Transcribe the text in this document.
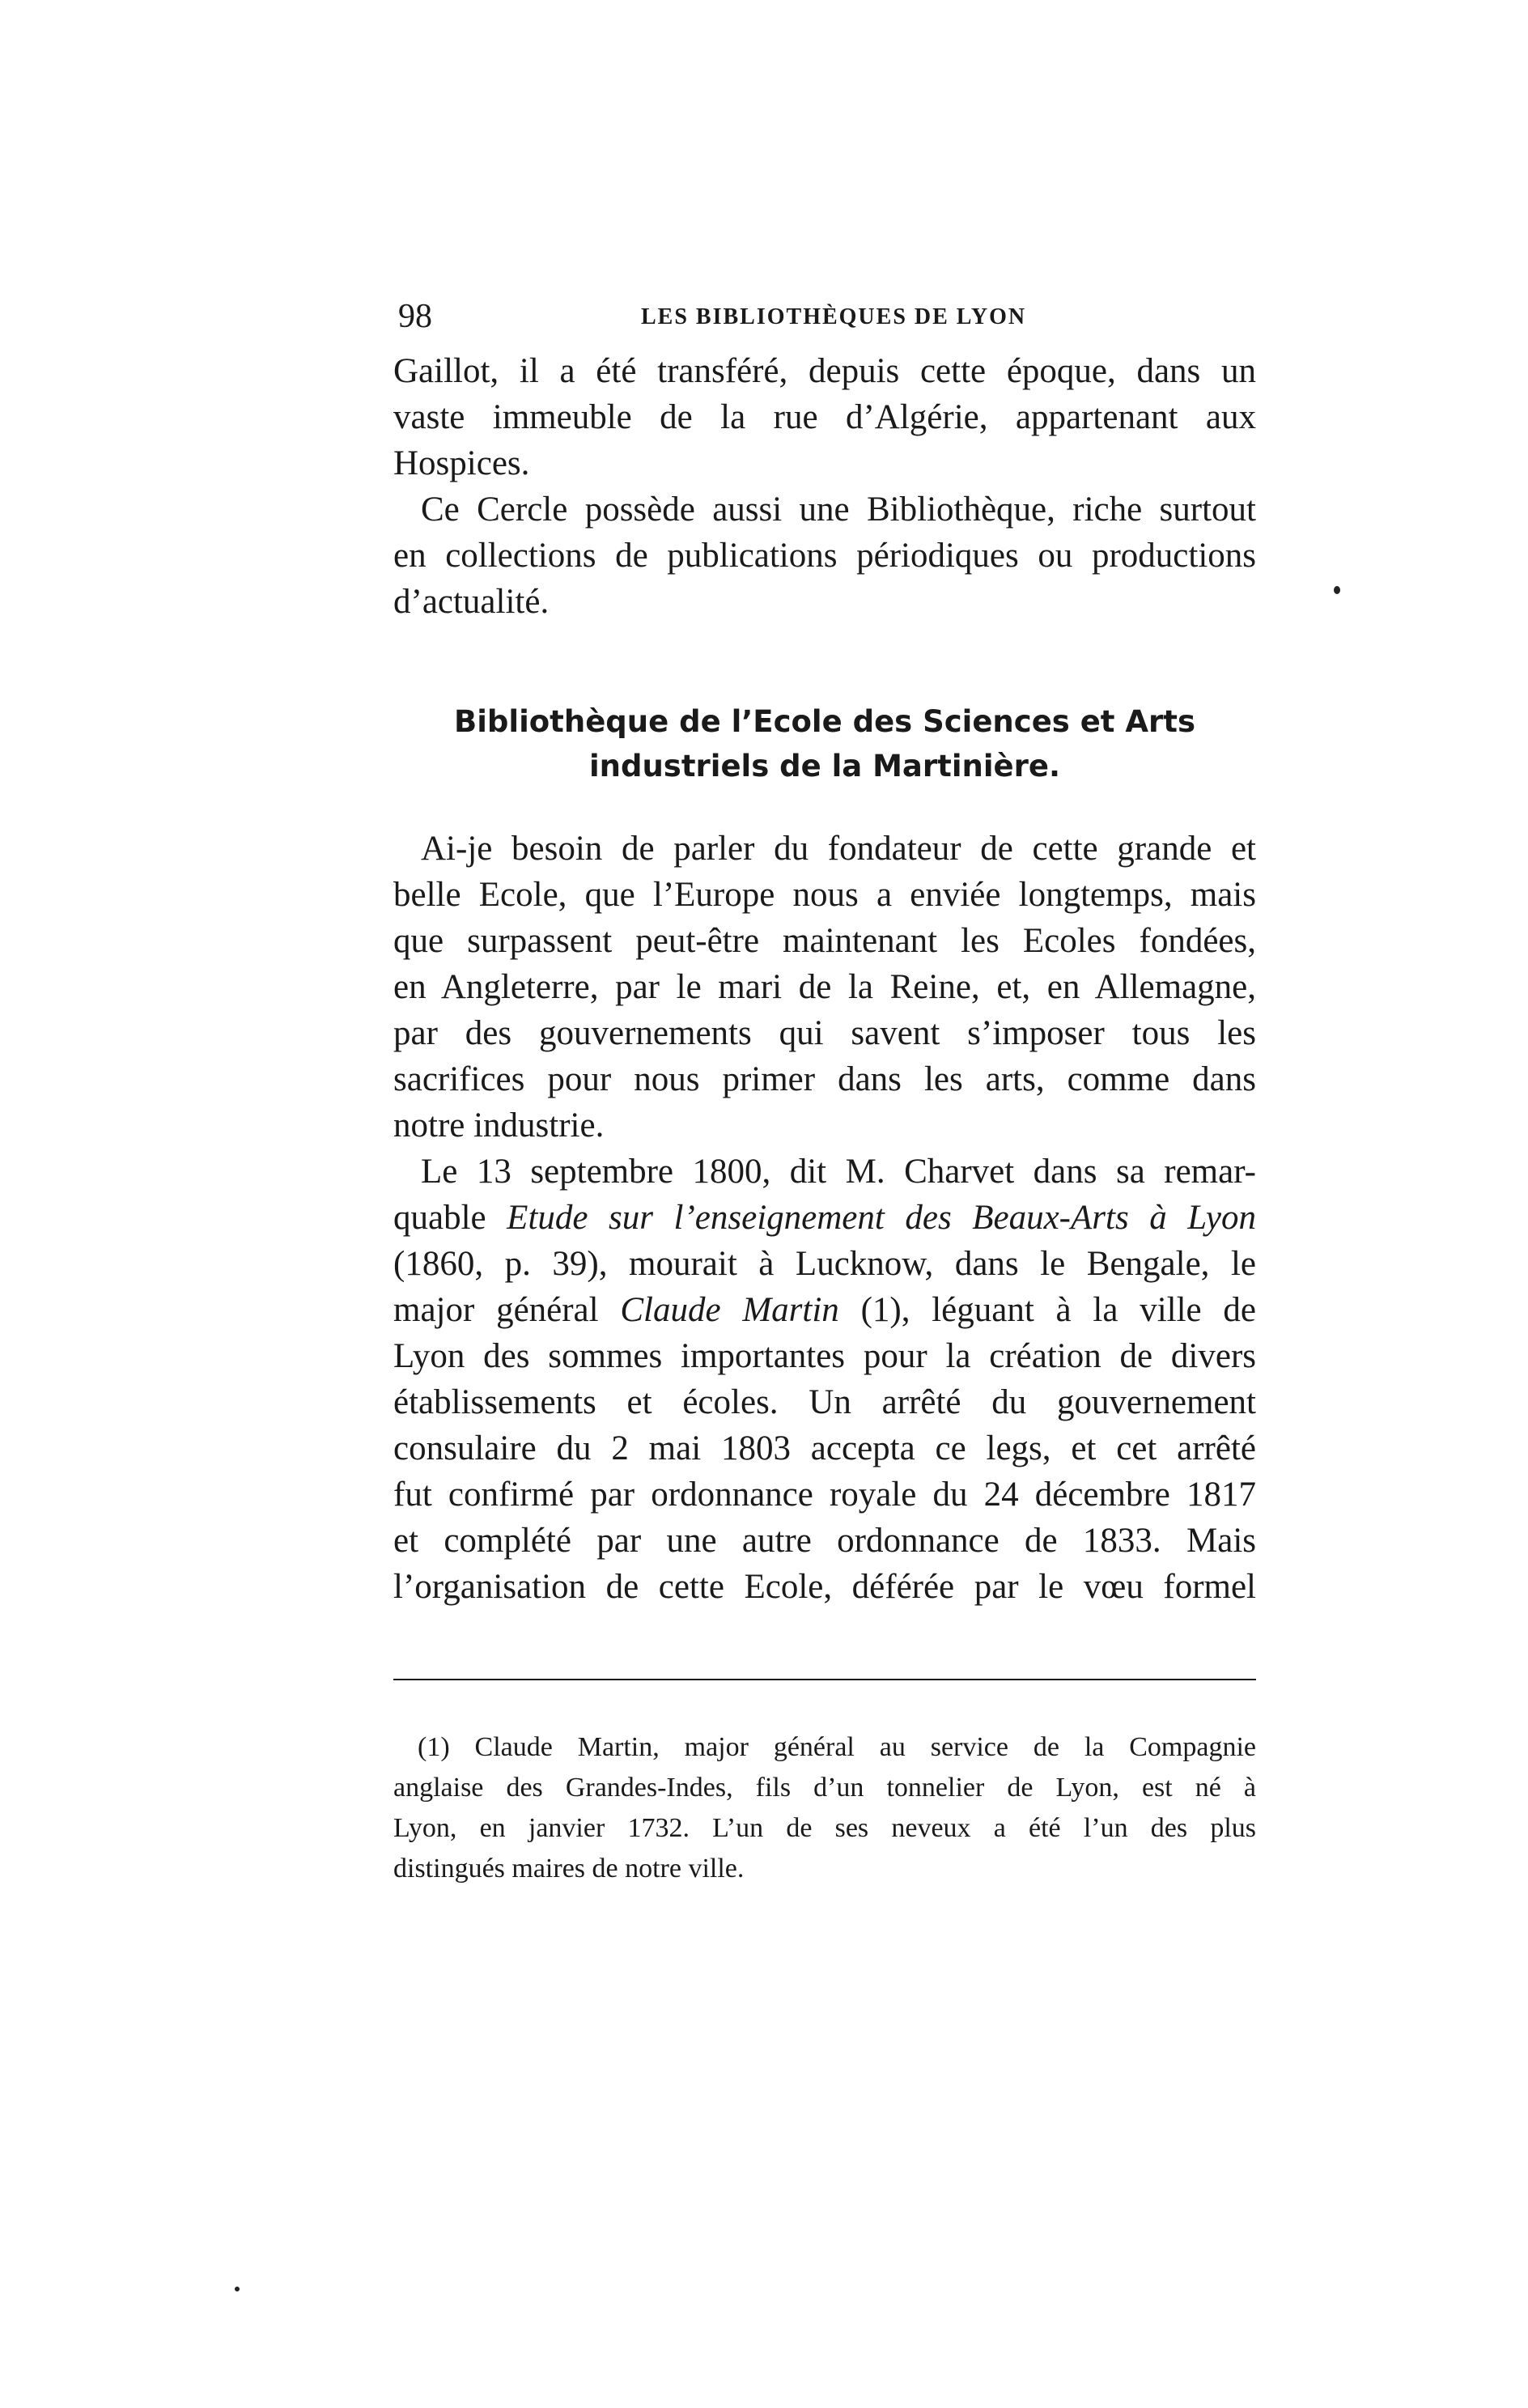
98	LES BIBLIOTHÈQUES DE LYON

Gaillot, il a été transféré, depuis cette époque, dans un
vaste immeuble de la rue d’Algérie, appartenant aux
Hospices.
Ce Cercle possède aussi une Bibliothèque, riche surtout
en collections de publications périodiques ou productions
d’actualité.
Bibliothèque de l’Ecole des Sciences et Arts
industriels de la Martinière.
Ai-je besoin de parler du fondateur de cette grande et
belle Ecole, que l’Europe nous a enviée longtemps, mais
que surpassent peut-être maintenant les Ecoles fondées,
en Angleterre, par le mari de la Reine, et, en Allemagne,
par des gouvernements qui savent s’imposer tous les
sacrifices pour nous primer dans les arts, comme dans
notre industrie.
Le 13 septembre 1800, dit M. Charvet dans sa remar-
quable Etude sur l’enseignement des Beaux-Arts à Lyon
(1860, p. 39), mourait à Lucknow, dans le Bengale, le
major général Claude Martin (1), léguant à la ville de
Lyon des sommes importantes pour la création de divers
établissements et écoles. Un arrêté du gouvernement
consulaire du 2 mai 1803 accepta ce legs, et cet arrêté
fut confirmé par ordonnance royale du 24 décembre 1817
et complété par une autre ordonnance de 1833. Mais
l’organisation de cette Ecole, déférée par le vœu formel
(1) Claude Martin, major général au service de la Compagnie
anglaise des Grandes-Indes, fils d’un tonnelier de Lyon, est né à
Lyon, en janvier 1732. L’un de ses neveux a été l’un des plus
distingués maires de notre ville.
